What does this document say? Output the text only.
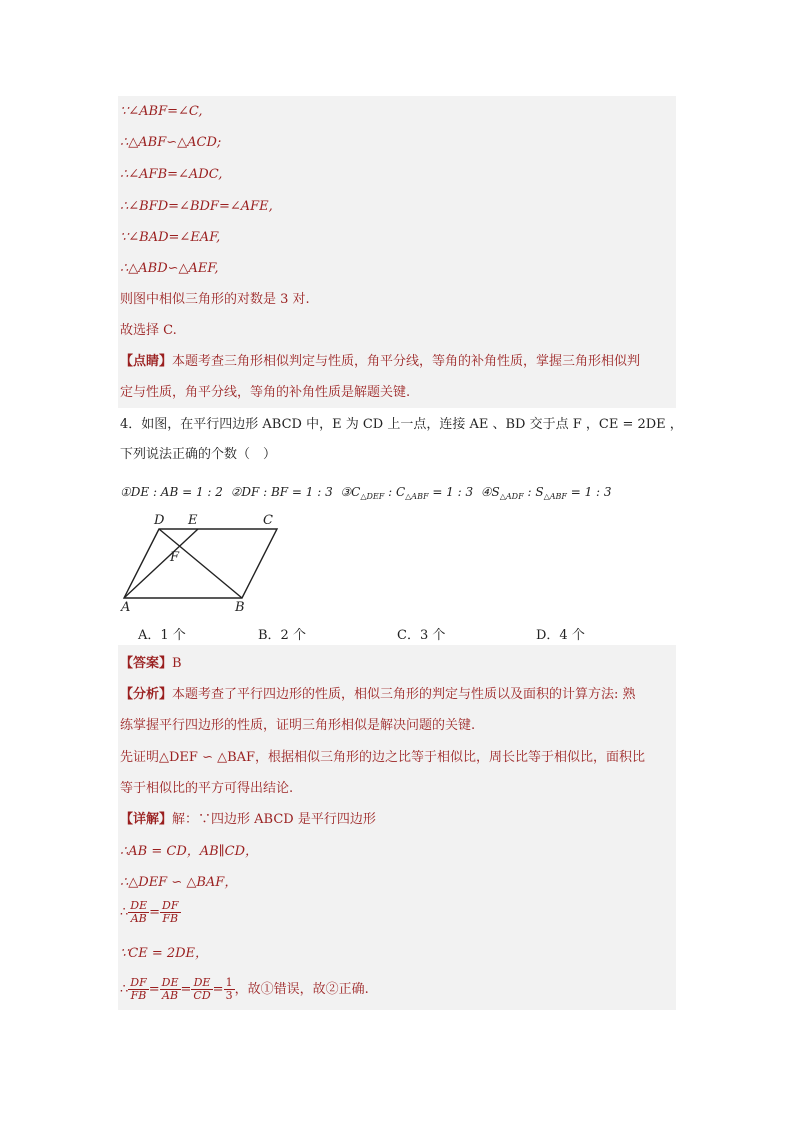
∵∠ABF=∠C,
∴△ABF∽△ACD;
∴∠AFB=∠ADC,
∴∠BFD=∠BDF=∠AFE,
∵∠BAD=∠EAF,
∴△ABD∽△AEF,
则图中相似三角形的对数是 3 对.
故选择 C.
【点睛】本题考查三角形相似判定与性质，角平分线，等角的补角性质，掌握三角形相似判
定与性质，角平分线，等角的补角性质是解题关键.
4．如图，在平行四边形 ABCD 中，E 为 CD 上一点，连接 AE 、BD 交于点 F ，CE = 2DE ，
下列说法正确的个数（　）
①DE : AB = 1 : 2 ②DF : BF = 1 : 3 $③C_{\triangle DEF}$ : $C_{\triangle ABF} = 1$ : 3 $④S_{\triangle ADF}$ : $S_{\triangle ABF} = 1$ : 3
A	B
C
D E
F
A．1 个	B．2 个	C．3 个	D．4 个
【答案】B
【分析】本题考查了平行四边形的性质，相似三角形的判定与性质以及面积的计算方法: 熟
练掌握平行四边形的性质，证明三角形相似是解决问题的关键.
先证明△DEF ∽ △BAF，根据相似三角形的边之比等于相似比，周长比等于相似比，面积比
等于相似比的平方可得出结论.
【详解】解：∵四边形 ABCD 是平行四边形
∴AB = CD，AB∥CD，
∴△DEF ∽ △BAF，
∴ $\frac{DE}{AB} = \frac{DF}{FB}$
∵CE = 2DE，
∴ $\frac{DF}{FB} = \frac{DE}{AB} = \frac{DE}{CD} = \frac{1}{3}$ ，故①错误，故②正确.
